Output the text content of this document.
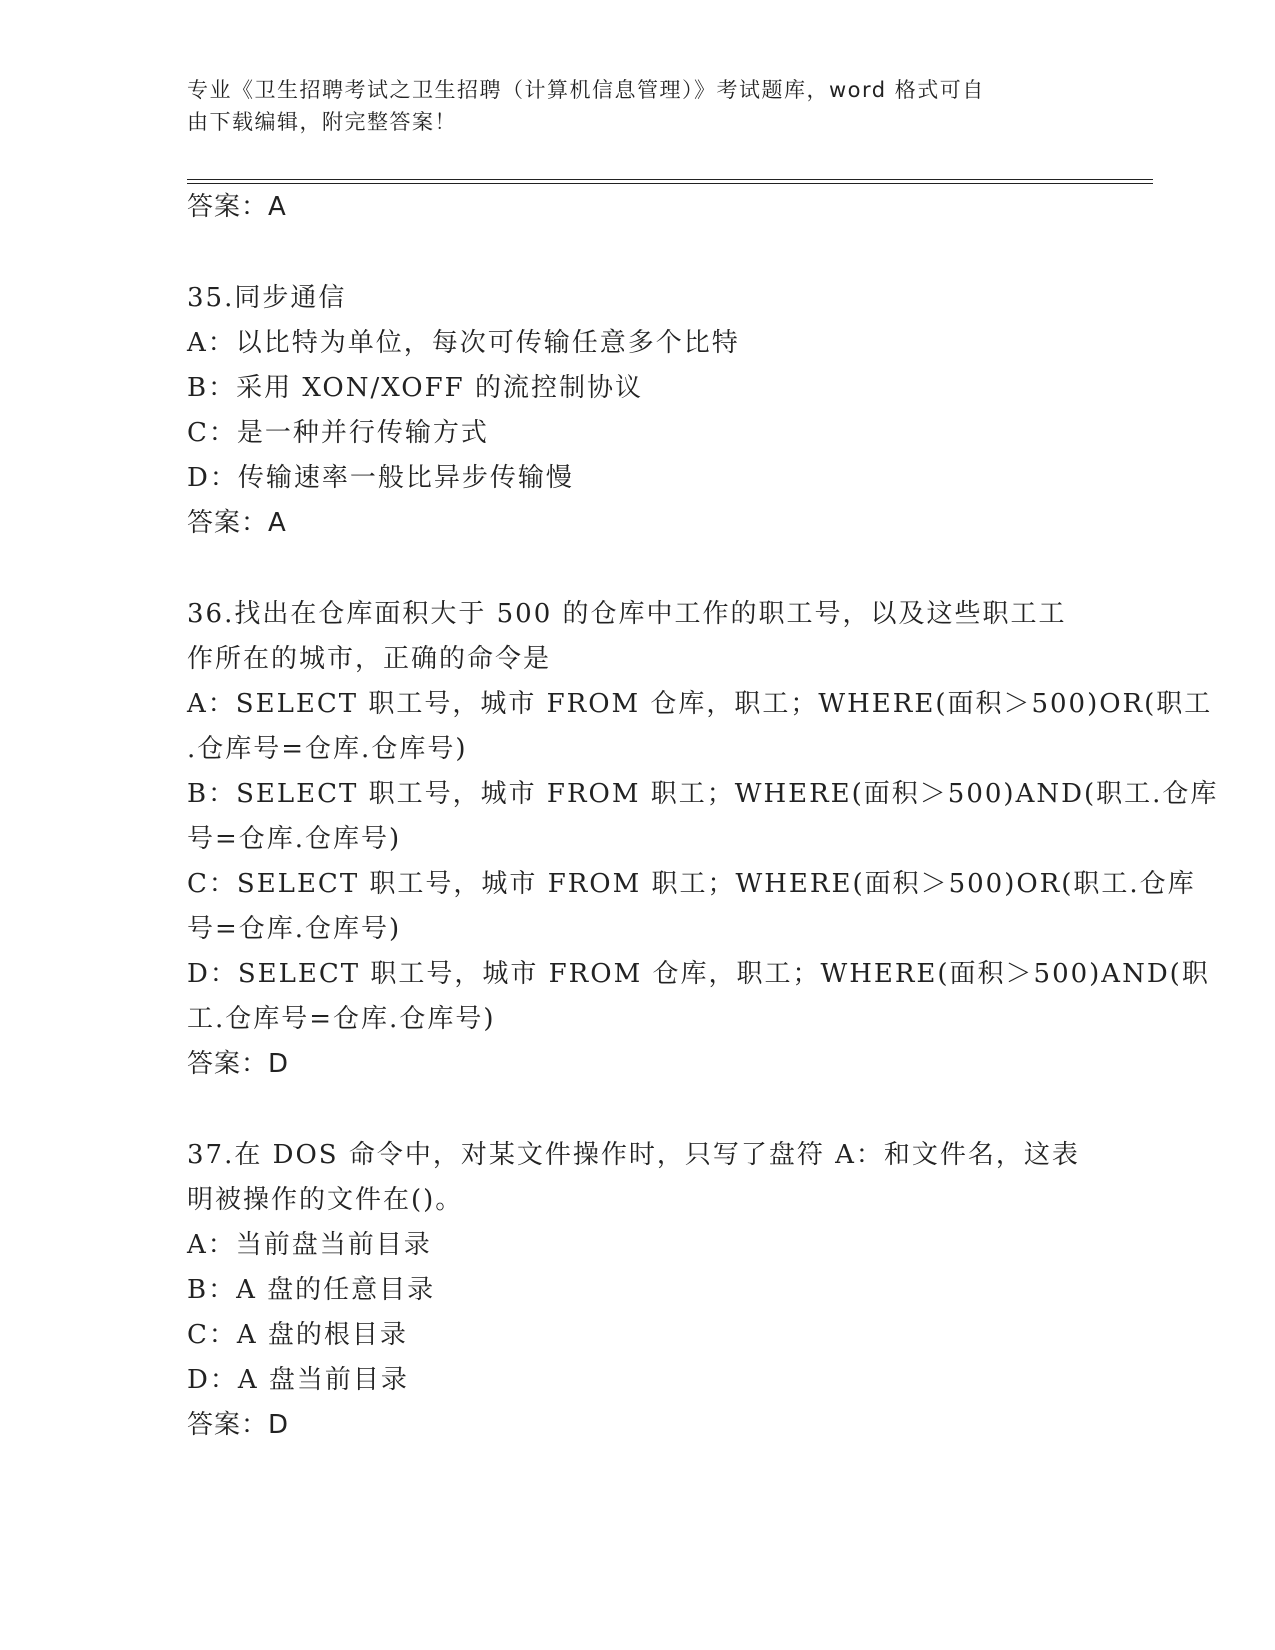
专业《卫生招聘考试之卫生招聘（计算机信息管理）》考试题库，word 格式可自
由下载编辑，附完整答案！
答案：A
35.同步通信
A：以比特为单位，每次可传输任意多个比特
B：采用 XON/XOFF 的流控制协议
C：是一种并行传输方式
D：传输速率一般比异步传输慢
答案：A
36.找出在仓库面积大于 500 的仓库中工作的职工号，以及这些职工工
作所在的城市，正确的命令是
A：SELECT 职工号，城市 FROM 仓库，职工；WHERE(面积＞500)OR(职工
.仓库号=仓库.仓库号)
B：SELECT 职工号，城市 FROM 职工；WHERE(面积＞500)AND(职工.仓库
号=仓库.仓库号)
C：SELECT 职工号，城市 FROM 职工；WHERE(面积＞500)OR(职工.仓库
号=仓库.仓库号)
D：SELECT 职工号，城市 FROM 仓库，职工；WHERE(面积＞500)AND(职
工.仓库号=仓库.仓库号)
答案：D
37.在 DOS 命令中，对某文件操作时，只写了盘符 A：和文件名，这表
明被操作的文件在()。
A：当前盘当前目录
B：A 盘的任意目录
C：A 盘的根目录
D：A 盘当前目录
答案：D
